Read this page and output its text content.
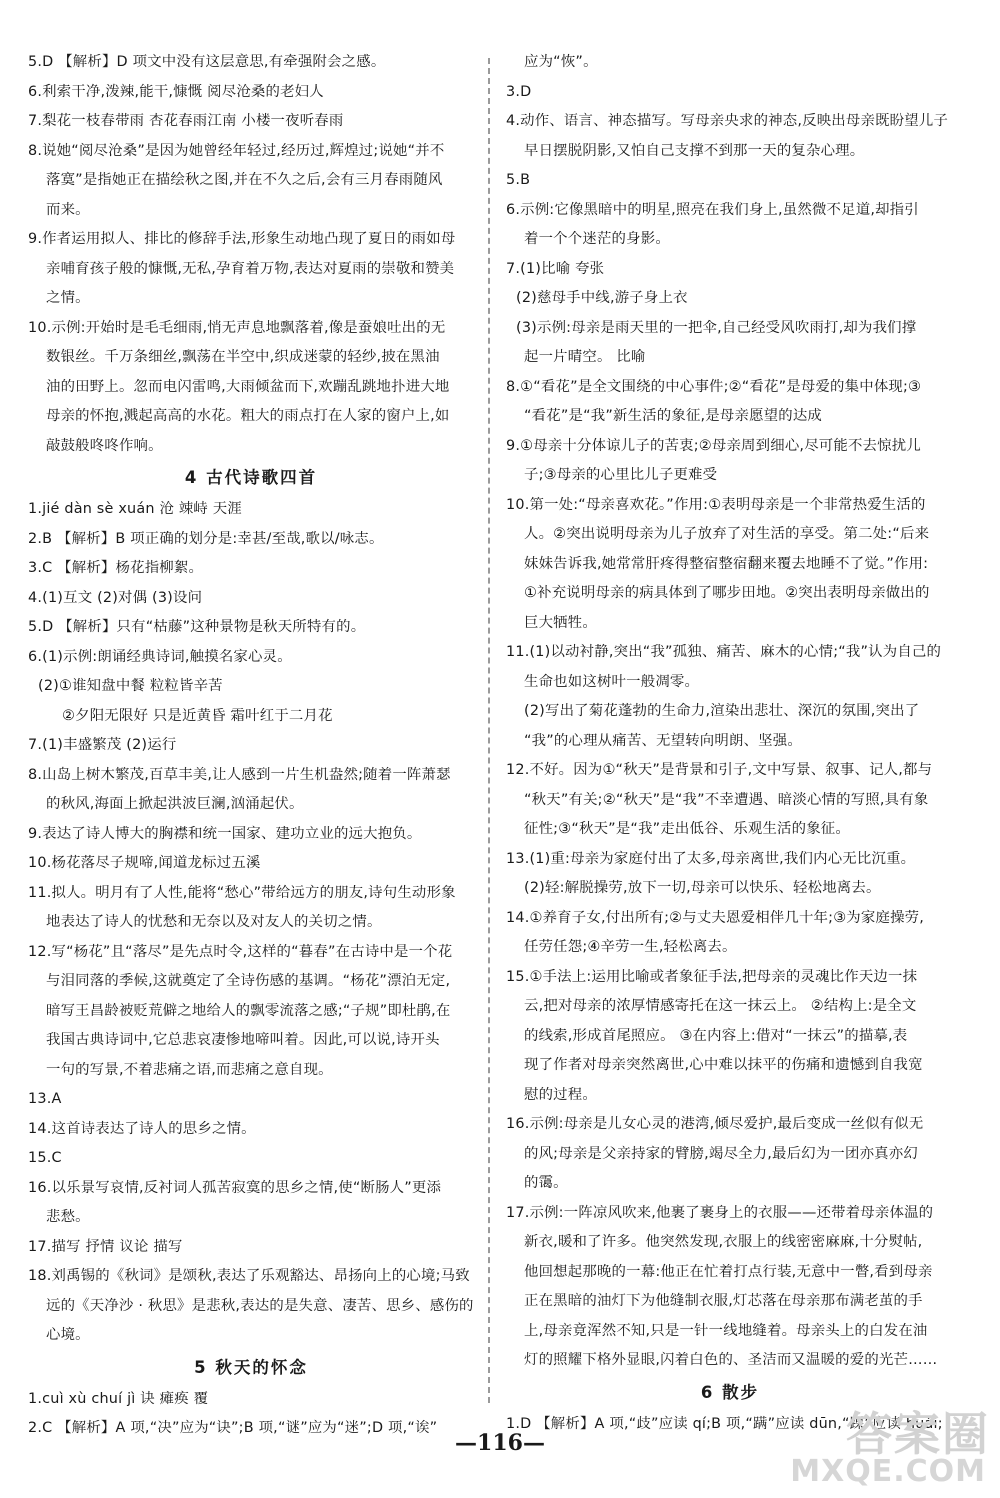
5.D 【解析】D 项文中没有这层意思,有牵强附会之感。
6.利索干净,泼辣,能干,慷慨 阅尽沧桑的老妇人
7.梨花一枝春带雨 杏花春雨江南 小楼一夜听春雨
8.说她“阅尽沧桑”是因为她曾经年轻过,经历过,辉煌过;说她“并不
落寞”是指她正在描绘秋之图,并在不久之后,会有三月春雨随风
而来。
9.作者运用拟人、排比的修辞手法,形象生动地凸现了夏日的雨如母
亲哺育孩子般的慷慨,无私,孕育着万物,表达对夏雨的崇敬和赞美
之情。
10.示例:开始时是毛毛细雨,悄无声息地飘落着,像是蚕娘吐出的无
数银丝。千万条细丝,飘荡在半空中,织成迷蒙的轻纱,披在黑油
油的田野上。忽而电闪雷鸣,大雨倾盆而下,欢蹦乱跳地扑进大地
母亲的怀抱,溅起高高的水花。粗大的雨点打在人家的窗户上,如
敲鼓般咚咚作响。
4 古代诗歌四首
1.jié dàn sè xuán 沧 竦峙 天涯
2.B 【解析】B 项正确的划分是:幸甚/至哉,歌以/咏志。
3.C 【解析】杨花指柳絮。
4.(1)互文 (2)对偶 (3)设问
5.D 【解析】只有“枯藤”这种景物是秋天所特有的。
6.(1)示例:朗诵经典诗词,触摸名家心灵。
(2)①谁知盘中餐 粒粒皆辛苦
②夕阳无限好 只是近黄昏 霜叶红于二月花
7.(1)丰盛繁茂 (2)运行
8.山岛上树木繁茂,百草丰美,让人感到一片生机盎然;随着一阵萧瑟
的秋风,海面上掀起洪波巨澜,汹涌起伏。
9.表达了诗人博大的胸襟和统一国家、建功立业的远大抱负。
10.杨花落尽子规啼,闻道龙标过五溪
11.拟人。明月有了人性,能将“愁心”带给远方的朋友,诗句生动形象
地表达了诗人的忧愁和无奈以及对友人的关切之情。
12.写“杨花”且“落尽”是先点时令,这样的“暮春”在古诗中是一个花
与泪同落的季候,这就奠定了全诗伤感的基调。“杨花”漂泊无定,
暗写王昌龄被贬荒僻之地给人的飘零流落之感;“子规”即杜鹃,在
我国古典诗词中,它总悲哀凄惨地啼叫着。因此,可以说,诗开头
一句的写景,不着悲痛之语,而悲痛之意自现。
13.A
14.这首诗表达了诗人的思乡之情。
15.C
16.以乐景写哀情,反衬词人孤苦寂寞的思乡之情,使“断肠人”更添
悲愁。
17.描写 抒情 议论 描写
18.刘禹锡的《秋词》是颂秋,表达了乐观豁达、昂扬向上的心境;马致
远的《天净沙 · 秋思》是悲秋,表达的是失意、凄苦、思乡、感伤的
心境。
5 秋天的怀念
1.cuì xù chuí jì 诀 瘫痪 覆
2.C 【解析】A 项,“决”应为“诀”;B 项,“谜”应为“迷”;D 项,“诶”
应为“恢”。
3.D
4.动作、语言、神态描写。写母亲央求的神态,反映出母亲既盼望儿子
早日摆脱阴影,又怕自己支撑不到那一天的复杂心理。
5.B
6.示例:它像黑暗中的明星,照亮在我们身上,虽然微不足道,却指引
着一个个迷茫的身影。
7.(1)比喻 夸张
(2)慈母手中线,游子身上衣
(3)示例:母亲是雨天里的一把伞,自己经受风吹雨打,却为我们撑
起一片晴空。 比喻
8.①“看花”是全文围绕的中心事件;②“看花”是母爱的集中体现;③
“看花”是“我”新生活的象征,是母亲愿望的达成
9.①母亲十分体谅儿子的苦衷;②母亲周到细心,尽可能不去惊扰儿
子;③母亲的心里比儿子更难受
10.第一处:“母亲喜欢花。”作用:①表明母亲是一个非常热爱生活的
人。②突出说明母亲为儿子放弃了对生活的享受。第二处:“后来
妹妹告诉我,她常常肝疼得整宿整宿翻来覆去地睡不了觉。”作用:
①补充说明母亲的病具体到了哪步田地。②突出表明母亲做出的
巨大牺牲。
11.(1)以动衬静,突出“我”孤独、痛苦、麻木的心情;“我”认为自己的
生命也如这树叶一般凋零。
(2)写出了菊花蓬勃的生命力,渲染出悲壮、深沉的氛围,突出了
“我”的心理从痛苦、无望转向明朗、坚强。
12.不好。因为①“秋天”是背景和引子,文中写景、叙事、记人,都与
“秋天”有关;②“秋天”是“我”不幸遭遇、暗淡心情的写照,具有象
征性;③“秋天”是“我”走出低谷、乐观生活的象征。
13.(1)重:母亲为家庭付出了太多,母亲离世,我们内心无比沉重。
(2)轻:解脱操劳,放下一切,母亲可以快乐、轻松地离去。
14.①养育子女,付出所有;②与丈夫恩爱相伴几十年;③为家庭操劳,
任劳任怨;④辛劳一生,轻松离去。
15.①手法上:运用比喻或者象征手法,把母亲的灵魂比作天边一抹
云,把对母亲的浓厚情感寄托在这一抹云上。 ②结构上:是全文
的线索,形成首尾照应。 ③在内容上:借对“一抹云”的描摹,表
现了作者对母亲突然离世,心中难以抹平的伤痛和遗憾到自我宽
慰的过程。
16.示例:母亲是儿女心灵的港湾,倾尽爱护,最后变成一丝似有似无
的风;母亲是父亲持家的臂膀,竭尽全力,最后幻为一团亦真亦幻
的霭。
17.示例:一阵凉风吹来,他裹了裹身上的衣服——还带着母亲体温的
新衣,暖和了许多。他突然发现,衣服上的线密密麻麻,十分熨帖,
他回想起那晚的一幕:他正在忙着打点行装,无意中一瞥,看到母亲
正在黑暗的油灯下为他缝制衣服,灯芯落在母亲那布满老茧的手
上,母亲竟浑然不知,只是一针一线地缝着。母亲头上的白发在油
灯的照耀下格外显眼,闪着白色的、圣洁而又温暖的爱的光芒……
6 散步
1.D 【解析】A 项,“歧”应读 qí;B 项,“蹒”应读 dūn,“踝”应读 huái;
—116—	答案圈
MXQE.COM
